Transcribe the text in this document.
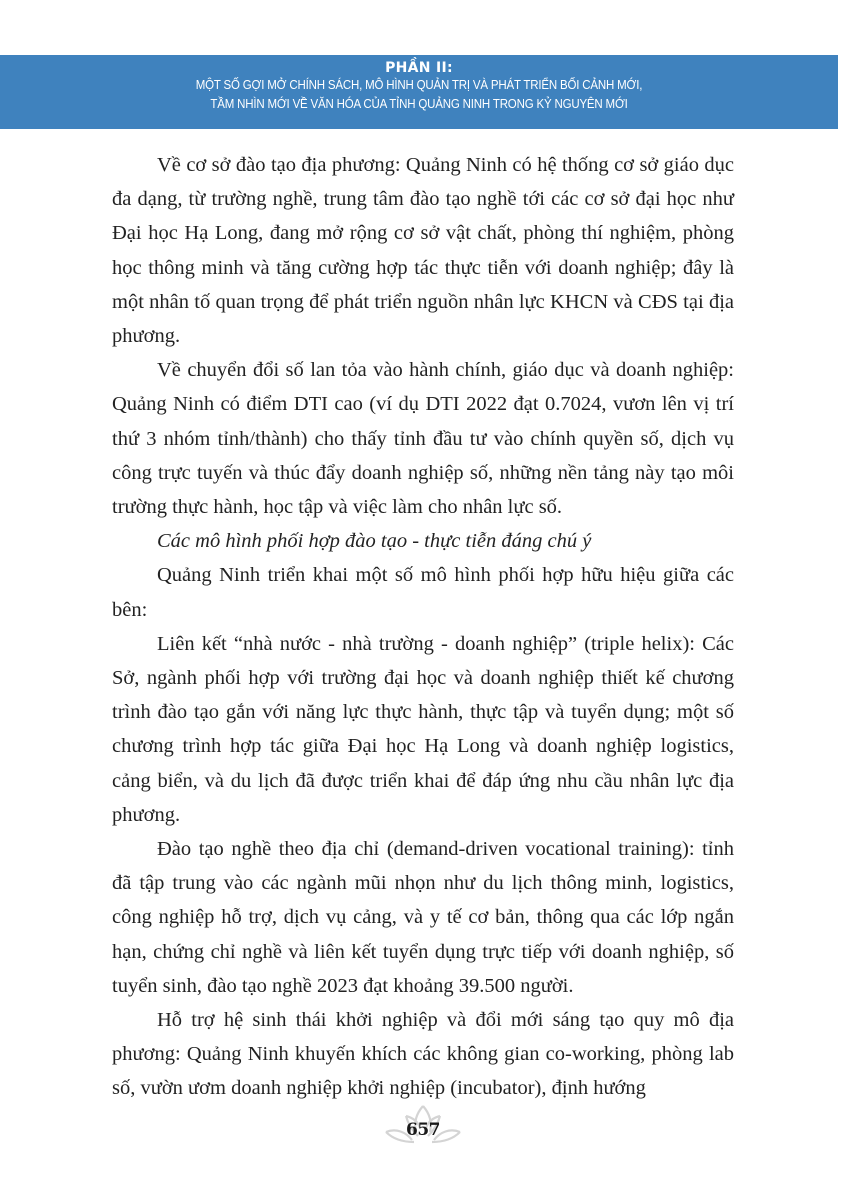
PHẦN II:
MỘT SỐ GỢI MỞ CHÍNH SÁCH, MÔ HÌNH QUẢN TRỊ VÀ PHÁT TRIỂN BỐI CẢNH MỚI,
TẦM NHÌN MỚI VỀ VĂN HÓA CỦA TỈNH QUẢNG NINH TRONG KỶ NGUYÊN MỚI

Về cơ sở đào tạo địa phương: Quảng Ninh có hệ thống cơ sở giáo dục đa dạng, từ trường nghề, trung tâm đào tạo nghề tới các cơ sở đại học như Đại học Hạ Long, đang mở rộng cơ sở vật chất, phòng thí nghiệm, phòng học thông minh và tăng cường hợp tác thực tiễn với doanh nghiệp; đây là một nhân tố quan trọng để phát triển nguồn nhân lực KHCN và CĐS tại địa phương.

Về chuyển đổi số lan tỏa vào hành chính, giáo dục và doanh nghiệp: Quảng Ninh có điểm DTI cao (ví dụ DTI 2022 đạt 0.7024, vươn lên vị trí thứ 3 nhóm tỉnh/thành) cho thấy tỉnh đầu tư vào chính quyền số, dịch vụ công trực tuyến và thúc đẩy doanh nghiệp số, những nền tảng này tạo môi trường thực hành, học tập và việc làm cho nhân lực số.

Các mô hình phối hợp đào tạo - thực tiễn đáng chú ý

Quảng Ninh triển khai một số mô hình phối hợp hữu hiệu giữa các bên:

Liên kết “nhà nước - nhà trường - doanh nghiệp” (triple helix): Các Sở, ngành phối hợp với trường đại học và doanh nghiệp thiết kế chương trình đào tạo gắn với năng lực thực hành, thực tập và tuyển dụng; một số chương trình hợp tác giữa Đại học Hạ Long và doanh nghiệp logistics, cảng biển, và du lịch đã được triển khai để đáp ứng nhu cầu nhân lực địa phương.

Đào tạo nghề theo địa chỉ (demand-driven vocational training): tỉnh đã tập trung vào các ngành mũi nhọn như du lịch thông minh, logistics, công nghiệp hỗ trợ, dịch vụ cảng, và y tế cơ bản, thông qua các lớp ngắn hạn, chứng chỉ nghề và liên kết tuyển dụng trực tiếp với doanh nghiệp, số tuyển sinh, đào tạo nghề 2023 đạt khoảng 39.500 người.

Hỗ trợ hệ sinh thái khởi nghiệp và đổi mới sáng tạo quy mô địa phương: Quảng Ninh khuyến khích các không gian co-working, phòng lab số, vườn ươm doanh nghiệp khởi nghiệp (incubator), định hướng

657
